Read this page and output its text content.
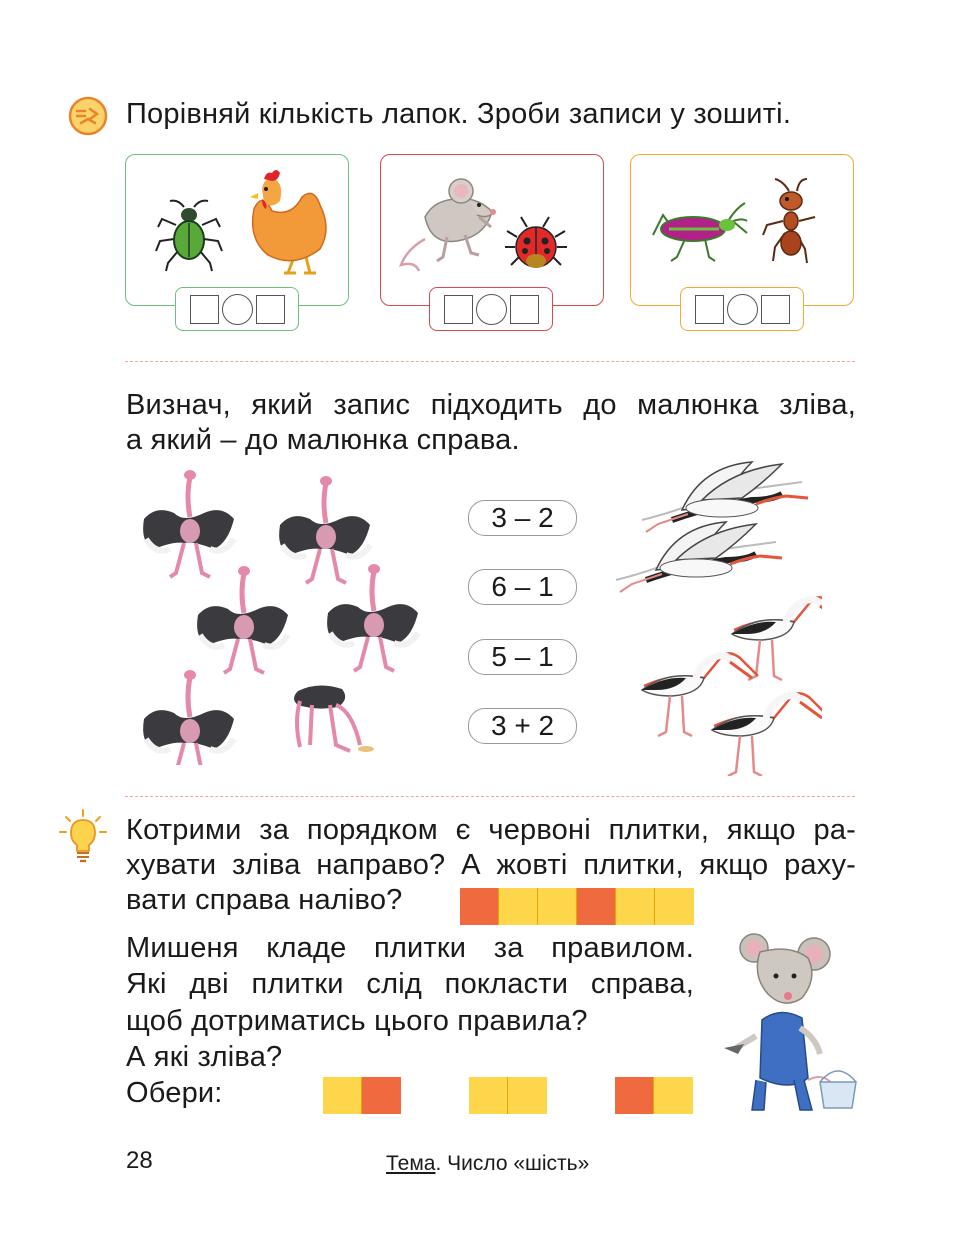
Порівняй кількість лапок. Зроби записи у зошиті.
Визнач, який запис підходить до малюнка зліва,
а який – до малюнка справа.
3 – 2
6 – 1
5 – 1
3 + 2
Котрими за порядком є червоні плитки, якщо ра-
хувати зліва направо? А жовті плитки, якщо раху-
вати справа наліво?
Мишеня кладе плитки за правилом.
Які дві плитки слід покласти справа,
щоб дотриматись цього правила?
А які зліва?
Обери:
28	Тема. Число «шість»
